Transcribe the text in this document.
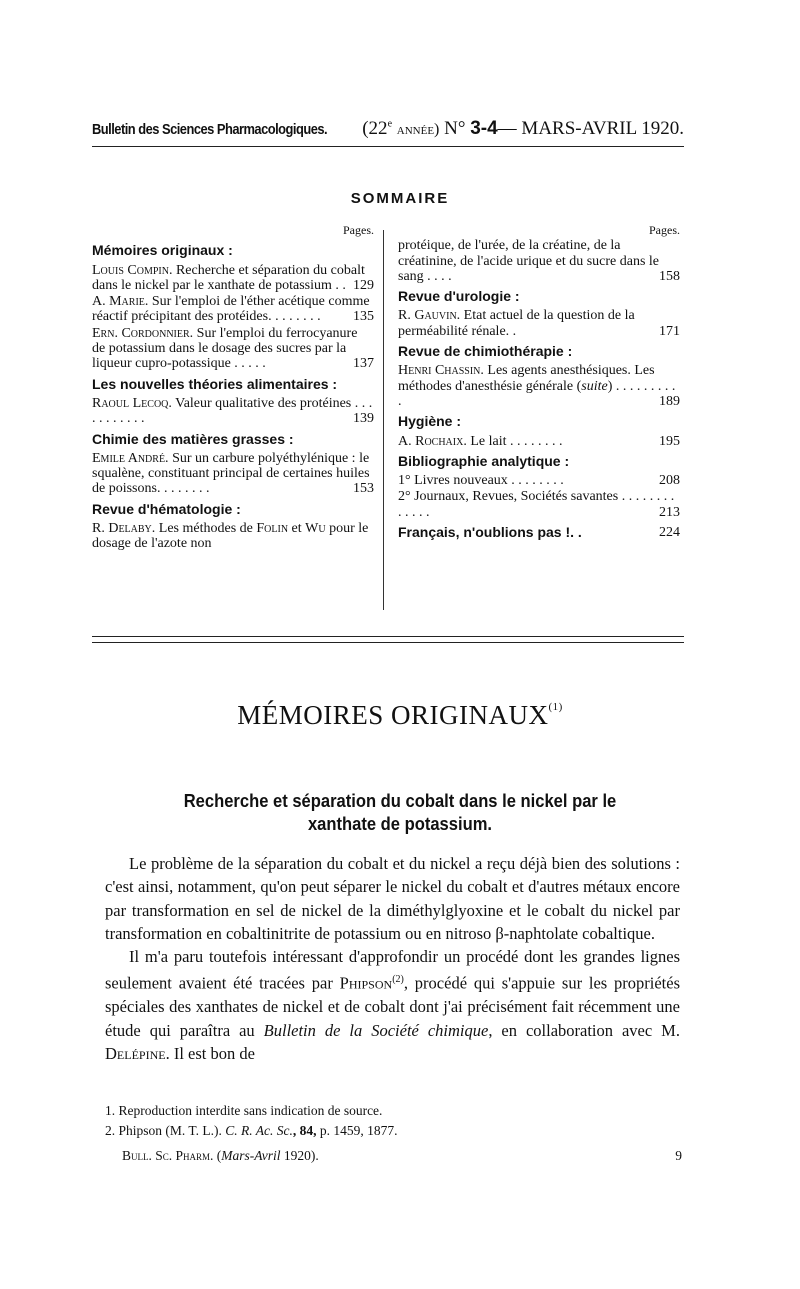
Bulletin des Sciences Pharmacologiques. (22e année) N° 3-4— MARS-AVRIL 1920.
SOMMAIRE
Pages.
Mémoires originaux :
Louis Compin. Recherche et séparation du cobalt dans le nickel par le xanthate de potassium . . 129
A. Marie. Sur l'emploi de l'éther acétique comme réactif précipitant des protéides. . . . . . . . 135
Ern. Cordonnier. Sur l'emploi du ferrocyanure de potassium dans le dosage des sucres par la liqueur cupro-potassique . . . . .	137
Les nouvelles théories alimentaires :
Raoul Lecoq. Valeur qualitative des protéines . . . . . . . . . . .	139
Chimie des matières grasses :
Emile André. Sur un carbure polyéthylénique : le squalène, constituant principal de certaines huiles de poissons. . . . . . . .	153
Revue d'hématologie :
R. Delaby. Les méthodes de Folin et Wu pour le dosage de l'azote non
Pages.
protéique, de l'urée, de la créatine, de la créatinine, de l'acide urique et du sucre dans le sang . . . .	158
Revue d'urologie :
R. Gauvin. Etat actuel de la question de la perméabilité rénale. .	171
Revue de chimiothérapie :
Henri Chassin. Les agents anesthésiques. Les méthodes d'anesthésie générale (suite) . . . . . . . . . .	189
Hygiène :
A. Rochaix. Le lait . . . . . . . .	195
Bibliographie analytique :
1° Livres nouveaux . . . . . . . .	208
2° Journaux, Revues, Sociétés savantes . . . . . . . . . . . . .	213
Français, n'oublions pas !. .	224
MÉMOIRES ORIGINAUX$^{(1)}$
Recherche et séparation du cobalt dans le nickel par le xanthate de potassium.

Le problème de la séparation du cobalt et du nickel a reçu déjà bien des solutions : c'est ainsi, notamment, qu'on peut séparer le nickel du cobalt et d'autres métaux encore par transformation en sel de nickel de la diméthylglyoxine et le cobalt du nickel par transformation en cobaltinitrite de potassium ou en nitroso β-naphtolate cobaltique.

Il m'a paru toutefois intéressant d'approfondir un procédé dont les grandes lignes seulement avaient été tracées par Phipson$^{(2)}$, procédé qui s'appuie sur les propriétés spéciales des xanthates de nickel et de cobalt dont j'ai précisément fait récemment une étude qui paraîtra au Bulletin de la Société chimique, en collaboration avec M. Delépine. Il est bon de

1. Reproduction interdite sans indication de source.
2. Phipson (M. T. L.). C. R. Ac. Sc., 84, p. 1459, 1877.
Bull. Sc. Pharm. (Mars-Avril 1920).	9
